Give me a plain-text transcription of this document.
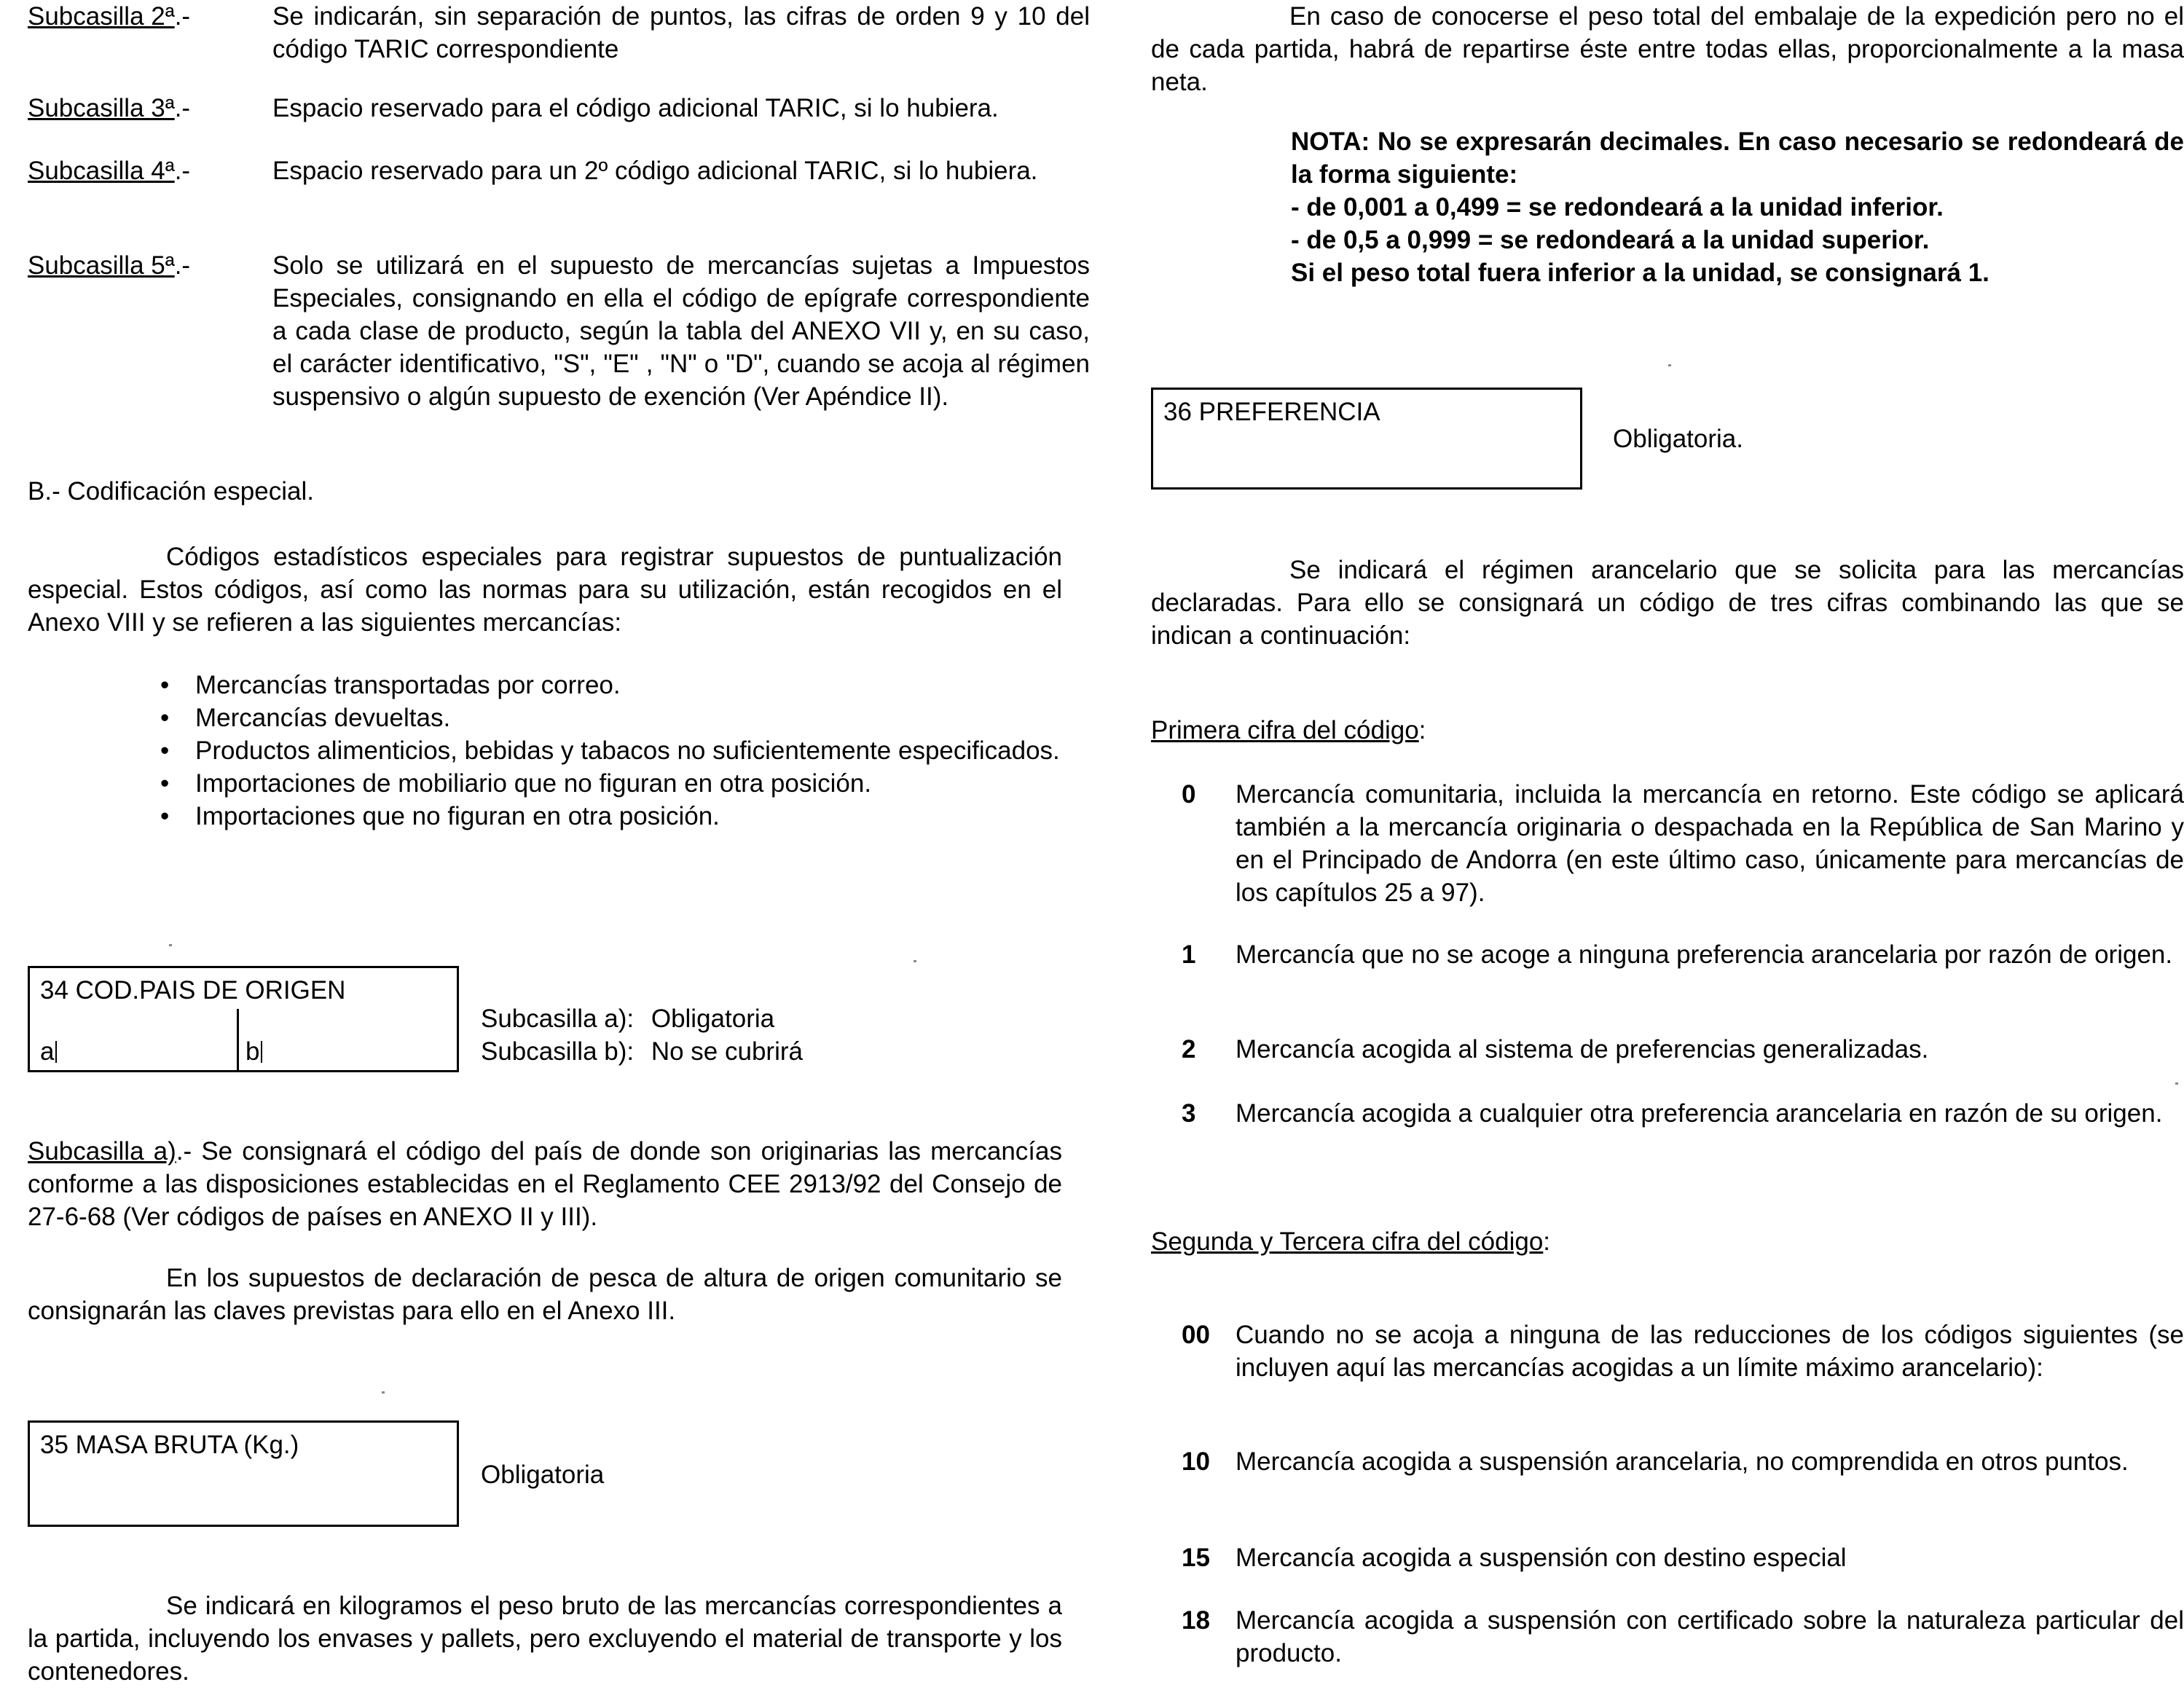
Subcasilla 2ª.-	Se indicarán, sin separación de puntos, las cifras de orden 9 y 10 del código TARIC correspondiente
Subcasilla 3ª.-	Espacio reservado para el código adicional TARIC, si lo hubiera.
Subcasilla 4ª.-	Espacio reservado para un 2º código adicional TARIC, si lo hubiera.
Subcasilla 5ª.-	Solo se utilizará en el supuesto de mercancías sujetas a Impuestos Especiales, consignando en ella el código de epígrafe correspondiente a cada clase de producto, según la tabla del ANEXO VII y, en su caso, el carácter identificativo, "S", "E" , "N" o "D", cuando se acoja al régimen suspensivo o algún supuesto de exención (Ver Apéndice II).
B.- Codificación especial.
Códigos estadísticos especiales para registrar supuestos de puntualización especial. Estos códigos, así como las normas para su utilización, están recogidos en el Anexo VIII y se refieren a las siguientes mercancías:
• Mercancías transportadas por correo.
• Mercancías devueltas.
• Productos alimenticios, bebidas y tabacos no suficientemente especificados.
• Importaciones de mobiliario que no figuran en otra posición.
• Importaciones que no figuran en otra posición.
34 COD.PAIS DE ORIGEN
a	b
Subcasilla a): Obligatoria
Subcasilla b): No se cubrirá
Subcasilla a).- Se consignará el código del país de donde son originarias las mercancías conforme a las disposiciones establecidas en el Reglamento CEE 2913/92 del Consejo de 27-6-68 (Ver códigos de países en ANEXO II y III).
En los supuestos de declaración de pesca de altura de origen comunitario se consignarán las claves previstas para ello en el Anexo III.
35 MASA BRUTA (Kg.)
Obligatoria
Se indicará en kilogramos el peso bruto de las mercancías correspondientes a la partida, incluyendo los envases y pallets, pero excluyendo el material de transporte y los contenedores.
En caso de conocerse el peso total del embalaje de la expedición pero no el de cada partida, habrá de repartirse éste entre todas ellas, proporcionalmente a la masa neta.
NOTA: No se expresarán decimales. En caso necesario se redondeará de la forma siguiente:
- de 0,001 a 0,499 = se redondeará a la unidad inferior.
- de 0,5 a 0,999 = se redondeará a la unidad superior.
Si el peso total fuera inferior a la unidad, se consignará 1.
36 PREFERENCIA
Obligatoria.
Se indicará el régimen arancelario que se solicita para las mercancías declaradas. Para ello se consignará un código de tres cifras combinando las que se indican a continuación:
Primera cifra del código:
0 Mercancía comunitaria, incluida la mercancía en retorno. Este código se aplicará también a la mercancía originaria o despachada en la República de San Marino y en el Principado de Andorra (en este último caso, únicamente para mercancías de los capítulos 25 a 97).
1 Mercancía que no se acoge a ninguna preferencia arancelaria por razón de origen.
2 Mercancía acogida al sistema de preferencias generalizadas.
3 Mercancía acogida a cualquier otra preferencia arancelaria en razón de su origen.
Segunda y Tercera cifra del código:
00 Cuando no se acoja a ninguna de las reducciones de los códigos siguientes (se incluyen aquí las mercancías acogidas a un límite máximo arancelario):
10 Mercancía acogida a suspensión arancelaria, no comprendida en otros puntos.
15 Mercancía acogida a suspensión con destino especial
18 Mercancía acogida a suspensión con certificado sobre la naturaleza particular del producto.
